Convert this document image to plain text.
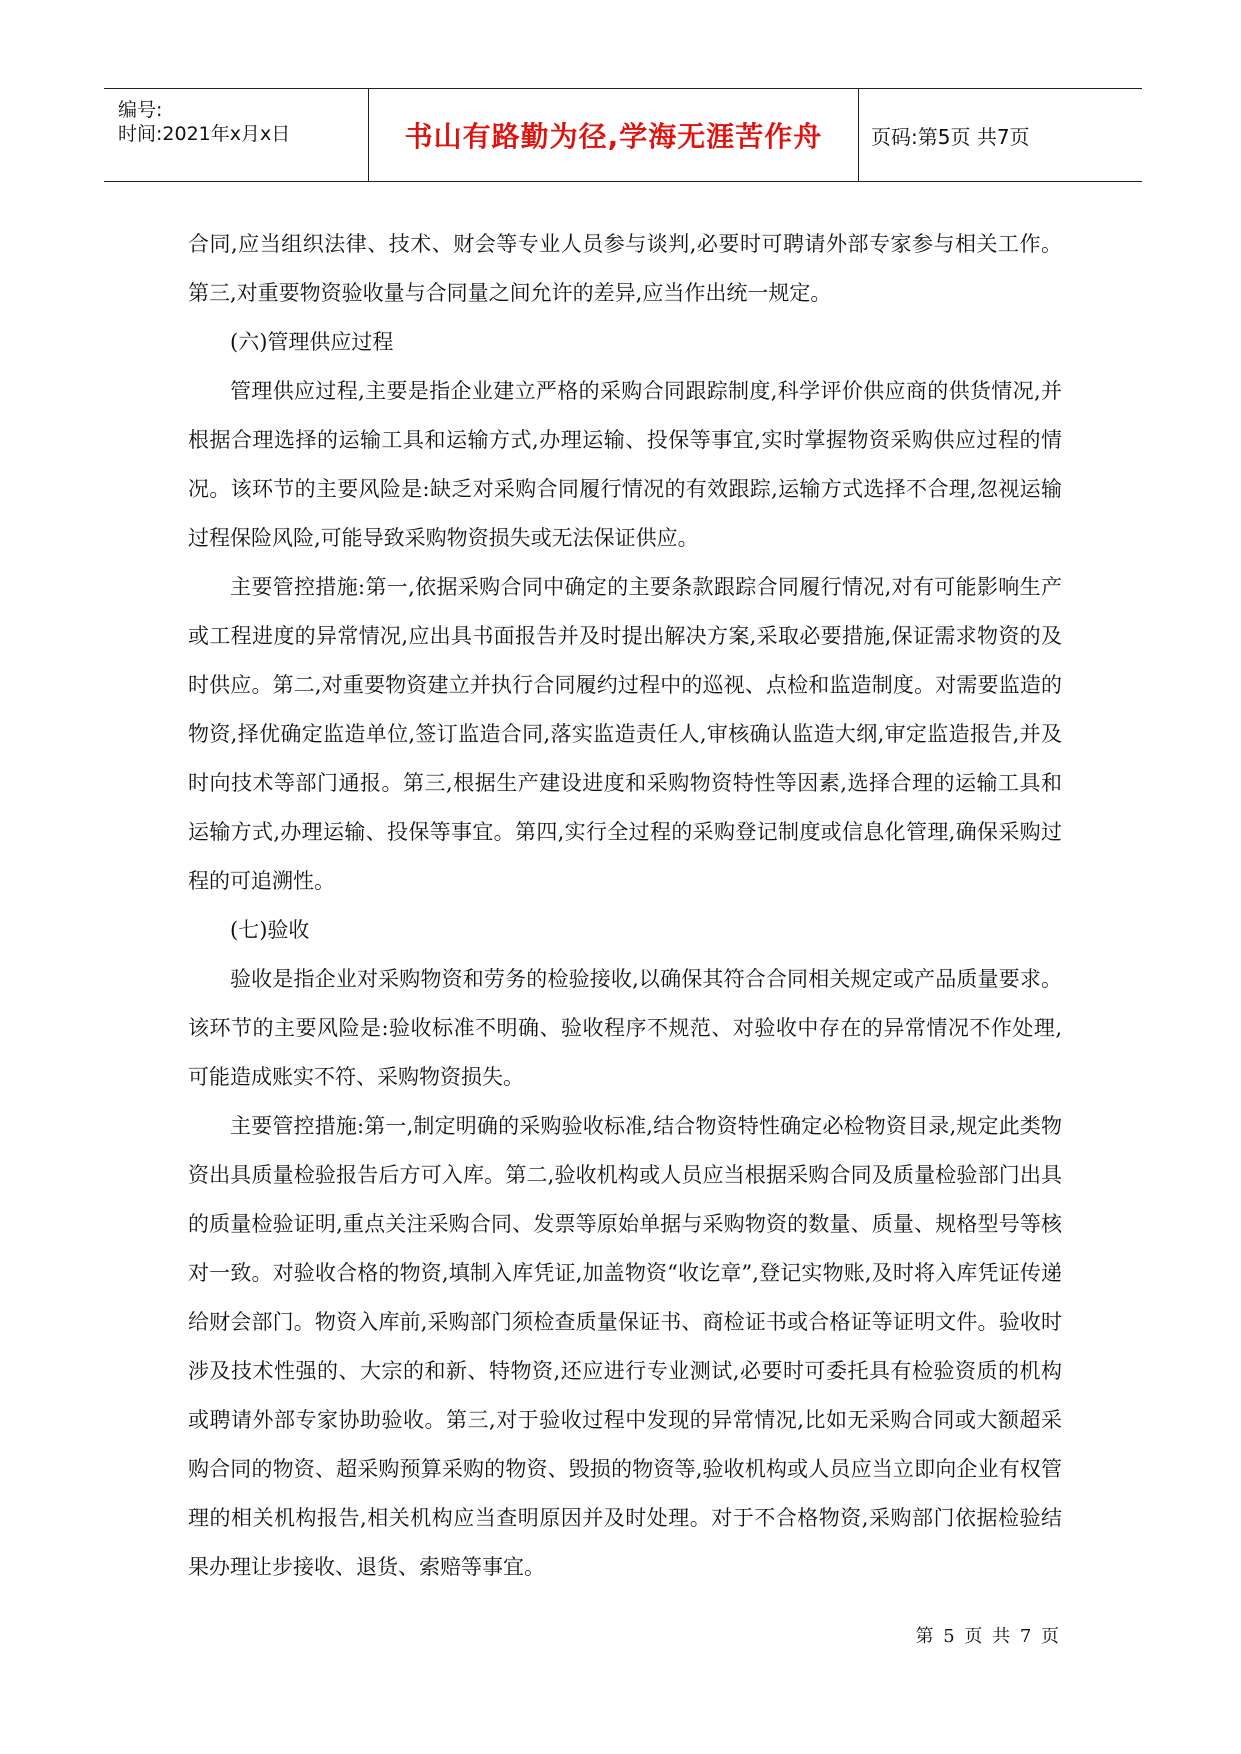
编号:
时间:2021年x月x日	书山有路勤为径,学海无涯苦作舟 页码:第5页 共7页

合同,应当组织法律、技术、财会等专业人员参与谈判,必要时可聘请外部专家参与相关工作。第三,对重要物资验收量与合同量之间允许的差异,应当作出统一规定。

(六)管理供应过程

管理供应过程,主要是指企业建立严格的采购合同跟踪制度,科学评价供应商的供货情况,并根据合理选择的运输工具和运输方式,办理运输、投保等事宜,实时掌握物资采购供应过程的情况。该环节的主要风险是:缺乏对采购合同履行情况的有效跟踪,运输方式选择不合理,忽视运输过程保险风险,可能导致采购物资损失或无法保证供应。

主要管控措施:第一,依据采购合同中确定的主要条款跟踪合同履行情况,对有可能影响生产或工程进度的异常情况,应出具书面报告并及时提出解决方案,采取必要措施,保证需求物资的及时供应。第二,对重要物资建立并执行合同履约过程中的巡视、点检和监造制度。对需要监造的物资,择优确定监造单位,签订监造合同,落实监造责任人,审核确认监造大纲,审定监造报告,并及时向技术等部门通报。第三,根据生产建设进度和采购物资特性等因素,选择合理的运输工具和运输方式,办理运输、投保等事宜。第四,实行全过程的采购登记制度或信息化管理,确保采购过程的可追溯性。

(七)验收

验收是指企业对采购物资和劳务的检验接收,以确保其符合合同相关规定或产品质量要求。该环节的主要风险是:验收标准不明确、验收程序不规范、对验收中存在的异常情况不作处理,可能造成账实不符、采购物资损失。

主要管控措施:第一,制定明确的采购验收标准,结合物资特性确定必检物资目录,规定此类物资出具质量检验报告后方可入库。第二,验收机构或人员应当根据采购合同及质量检验部门出具的质量检验证明,重点关注采购合同、发票等原始单据与采购物资的数量、质量、规格型号等核对一致。对验收合格的物资,填制入库凭证,加盖物资“收讫章”,登记实物账,及时将入库凭证传递给财会部门。物资入库前,采购部门须检查质量保证书、商检证书或合格证等证明文件。验收时涉及技术性强的、大宗的和新、特物资,还应进行专业测试,必要时可委托具有检验资质的机构或聘请外部专家协助验收。第三,对于验收过程中发现的异常情况,比如无采购合同或大额超采购合同的物资、超采购预算采购的物资、毁损的物资等,验收机构或人员应当立即向企业有权管理的相关机构报告,相关机构应当查明原因并及时处理。对于不合格物资,采购部门依据检验结果办理让步接收、退货、索赔等事宜。

第 5 页 共 7 页
